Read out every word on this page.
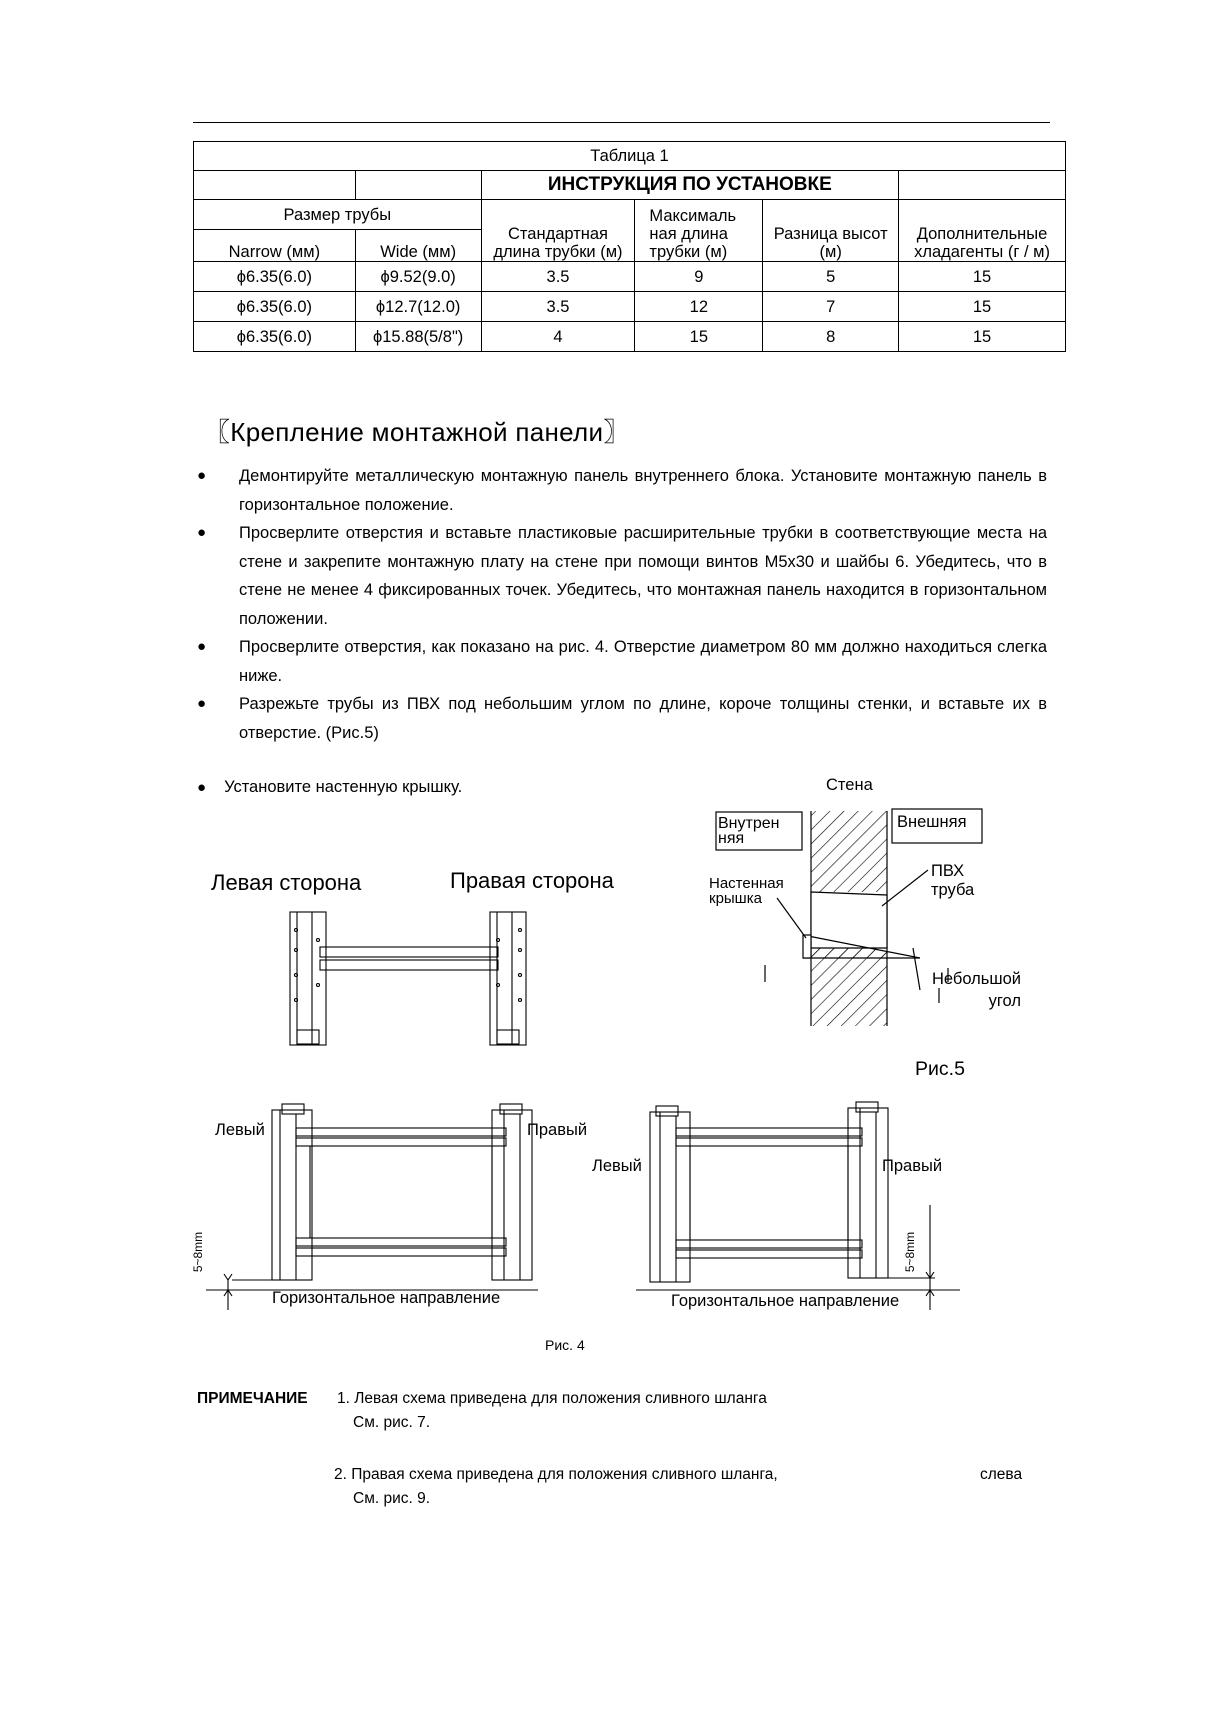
Таблица 1					
		ИНСТРУКЦИЯ ПО УСТАНОВКЕ			
Размер трубы		Стандартная длина трубки (м)	Максималь ная длина трубки (м)	Разница высот (м)	Дополнительные хладагенты (г / м)
Narrow (мм)	Wide (мм)				
ϕ6.35(6.0)	ϕ9.52(9.0)	3.5	9	5	15
ϕ6.35(6.0)	ϕ12.7(12.0)	3.5	12	7	15
ϕ6.35(6.0)	ϕ15.88(5/8")	4	15	8	15
〖Крепление монтажной панели〗
● Демонтируйте металлическую монтажную панель внутреннего блока. Установите монтажную панель в горизонтальное положение.
● Просверлите отверстия и вставьте пластиковые расширительные трубки в соответствующие места на стене и закрепите монтажную плату на стене при помощи винтов M5x30 и шайбы 6. Убедитесь, что в стене не менее 4 фиксированных точек. Убедитесь, что монтажная панель находится в горизонтальном положении.
● Просверлите отверстия, как показано на рис. 4. Отверстие диаметром 80 мм должно находиться слегка ниже.
● Разрежьте трубы из ПВХ под небольшим углом по длине, короче толщины стенки, и вставьте их в отверстие. (Рис.5)
● Установите настенную крышку.	Стена
Внутрен няя
Внешняя
Настенная крышка
ПВХ труба
Небольшой угол
Рис.5
Левая сторона	Правая сторона
Левый	Правый
Левый	Правый
5~8mm	5~8mm
Горизонтальное направление	Горизонтальное направление
Рис. 4
ПРИМЕЧАНИЕ 1. Левая схема приведена для положения сливного шланга
См. рис. 7.
2. Правая схема приведена для положения сливного шланга,	слева
См. рис. 9.
